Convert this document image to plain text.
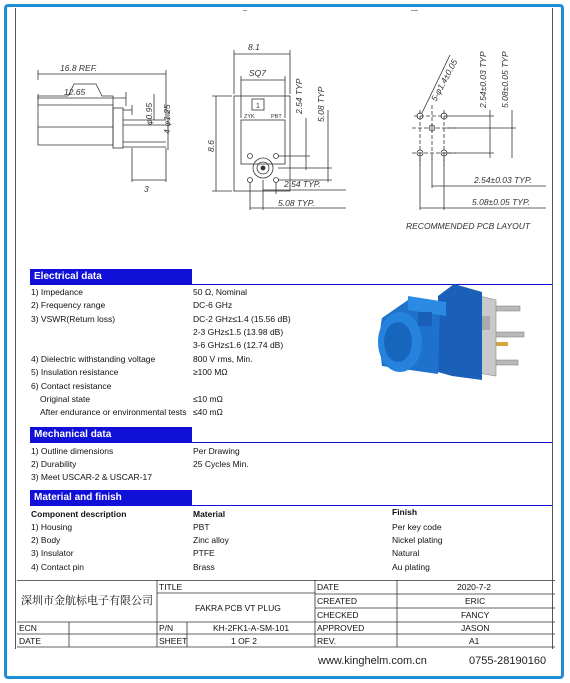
16.8 REF.
12.65
φ0.95 4-φ1.25
3
8.1
SQ7
8.6
2.54 TYP 5.08 TYP
2.54 TYP.
5.08 TYP.
1
ZYK	PBT
5-φ1.4±0.05 2.54±0.03 TYP 5.08±0.05 TYP
2.54±0.03 TYP.
5.08±0.05 TYP.
RECOMMENDED PCB LAYOUT
Electrical data
1) Impedance	50 Ω, Nominal
2) Frequency range	DC-6 GHz
3) VSWR(Return loss)	DC-2 GHz≤1.4 (15.56 dB)
2-3 GHz≤1.5 (13.98 dB)
3-6 GHz≤1.6 (12.74 dB)
4) Dielectric withstanding voltage	800 V rms, Min.
5) Insulation resistance	≥100 MΩ
6) Contact resistance
Original state	≤10 mΩ
After endurance or environmental tests ≤40 mΩ
Mechanical data
1) Outline dimensions	Per Drawing
2) Durability	25 Cycles Min.
3) Meet USCAR-2 & USCAR-17
Material and finish
Component description	Material	Finish
1) Housing	PBT	Per key code
2) Body	Zinc alloy	Nickel plating
3) Insulator	PTFE	Natural
4) Contact pin	Brass	Au plating
深圳市金航标电子有限公司
TITLE
FAKRA PCB VT PLUG
DATE	2020-7-2
CREATED	ERIC
CHECKED	FANCY
ECN	P/N	KH-2FK1-A-SM-101	APPROVED	JASON
DATE	SHEET	1 OF 2	REV.	A1
www.kinghelm.com.cn	0755-28190160
